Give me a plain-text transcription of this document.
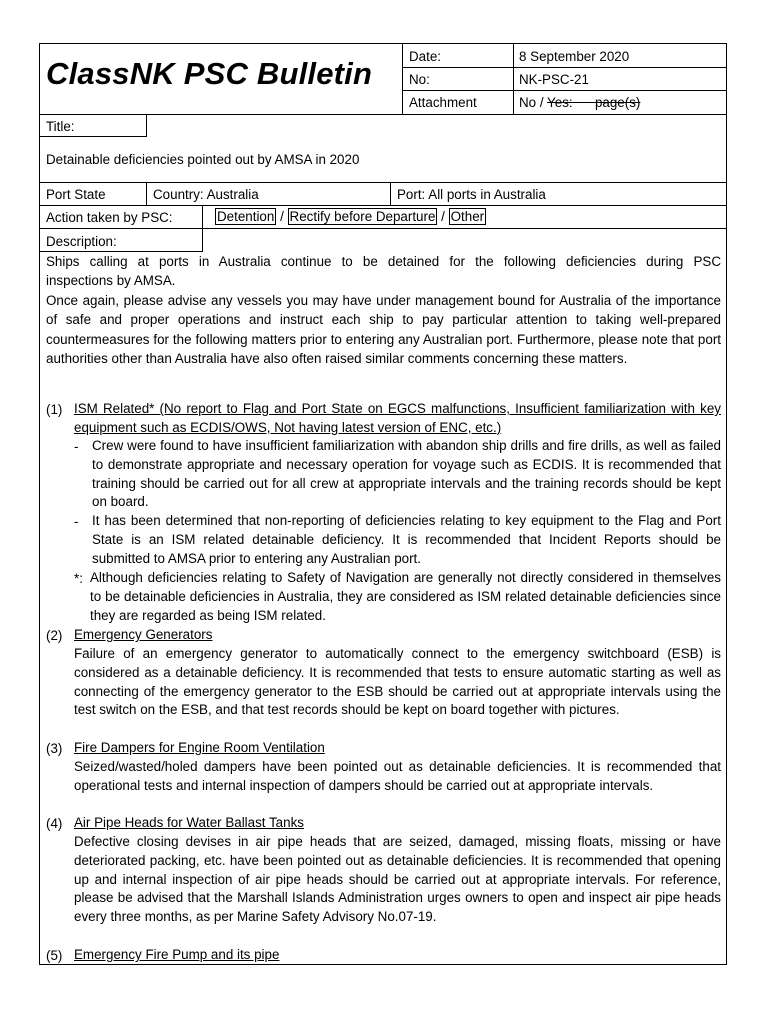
ClassNK PSC Bulletin	Date:	8 September 2020
No:	NK-PSC-21
Attachment	No / Yes: page(s)
Title:
Detainable deficiencies pointed out by AMSA in 2020
Port State	Country: Australia	Port: All ports in Australia
Action taken by PSC:	Detention / Rectify before Departure / Other
Description:
Ships calling at ports in Australia continue to be detained for the following deficiencies during PSC
inspections by AMSA.
Once again, please advise any vessels you may have under management bound for Australia of the importance of safe and proper operations and instruct each ship to pay particular attention to taking well-prepared countermeasures for the following matters prior to entering any Australian port. Furthermore, please note that port authorities other than Australia have also often raised similar comments concerning these matters.
(1) ISM Related* (No report to Flag and Port State on EGCS malfunctions, Insufficient familiarization with key equipment such as ECDIS/OWS, Not having latest version of ENC, etc.)
- Crew were found to have insufficient familiarization with abandon ship drills and fire drills, as well as failed to demonstrate appropriate and necessary operation for voyage such as ECDIS. It is recommended that training should be carried out for all crew at appropriate intervals and the training records should be kept on board.
- It has been determined that non-reporting of deficiencies relating to key equipment to the Flag and Port State is an ISM related detainable deficiency. It is recommended that Incident Reports should be submitted to AMSA prior to entering any Australian port.
*: Although deficiencies relating to Safety of Navigation are generally not directly considered in themselves to be detainable deficiencies in Australia, they are considered as ISM related detainable deficiencies since they are regarded as being ISM related.
(2) Emergency Generators
Failure of an emergency generator to automatically connect to the emergency switchboard (ESB) is considered as a detainable deficiency. It is recommended that tests to ensure automatic starting as well as connecting of the emergency generator to the ESB should be carried out at appropriate intervals using the test switch on the ESB, and that test records should be kept on board together with pictures.
(3) Fire Dampers for Engine Room Ventilation
Seized/wasted/holed dampers have been pointed out as detainable deficiencies. It is recommended that operational tests and internal inspection of dampers should be carried out at appropriate intervals.
(4) Air Pipe Heads for Water Ballast Tanks
Defective closing devises in air pipe heads that are seized, damaged, missing floats, missing or have deteriorated packing, etc. have been pointed out as detainable deficiencies. It is recommended that opening up and internal inspection of air pipe heads should be carried out at appropriate intervals. For reference, please be advised that the Marshall Islands Administration urges owners to open and inspect air pipe heads every three months, as per Marine Safety Advisory No.07-19.
(5) Emergency Fire Pump and its pipe
